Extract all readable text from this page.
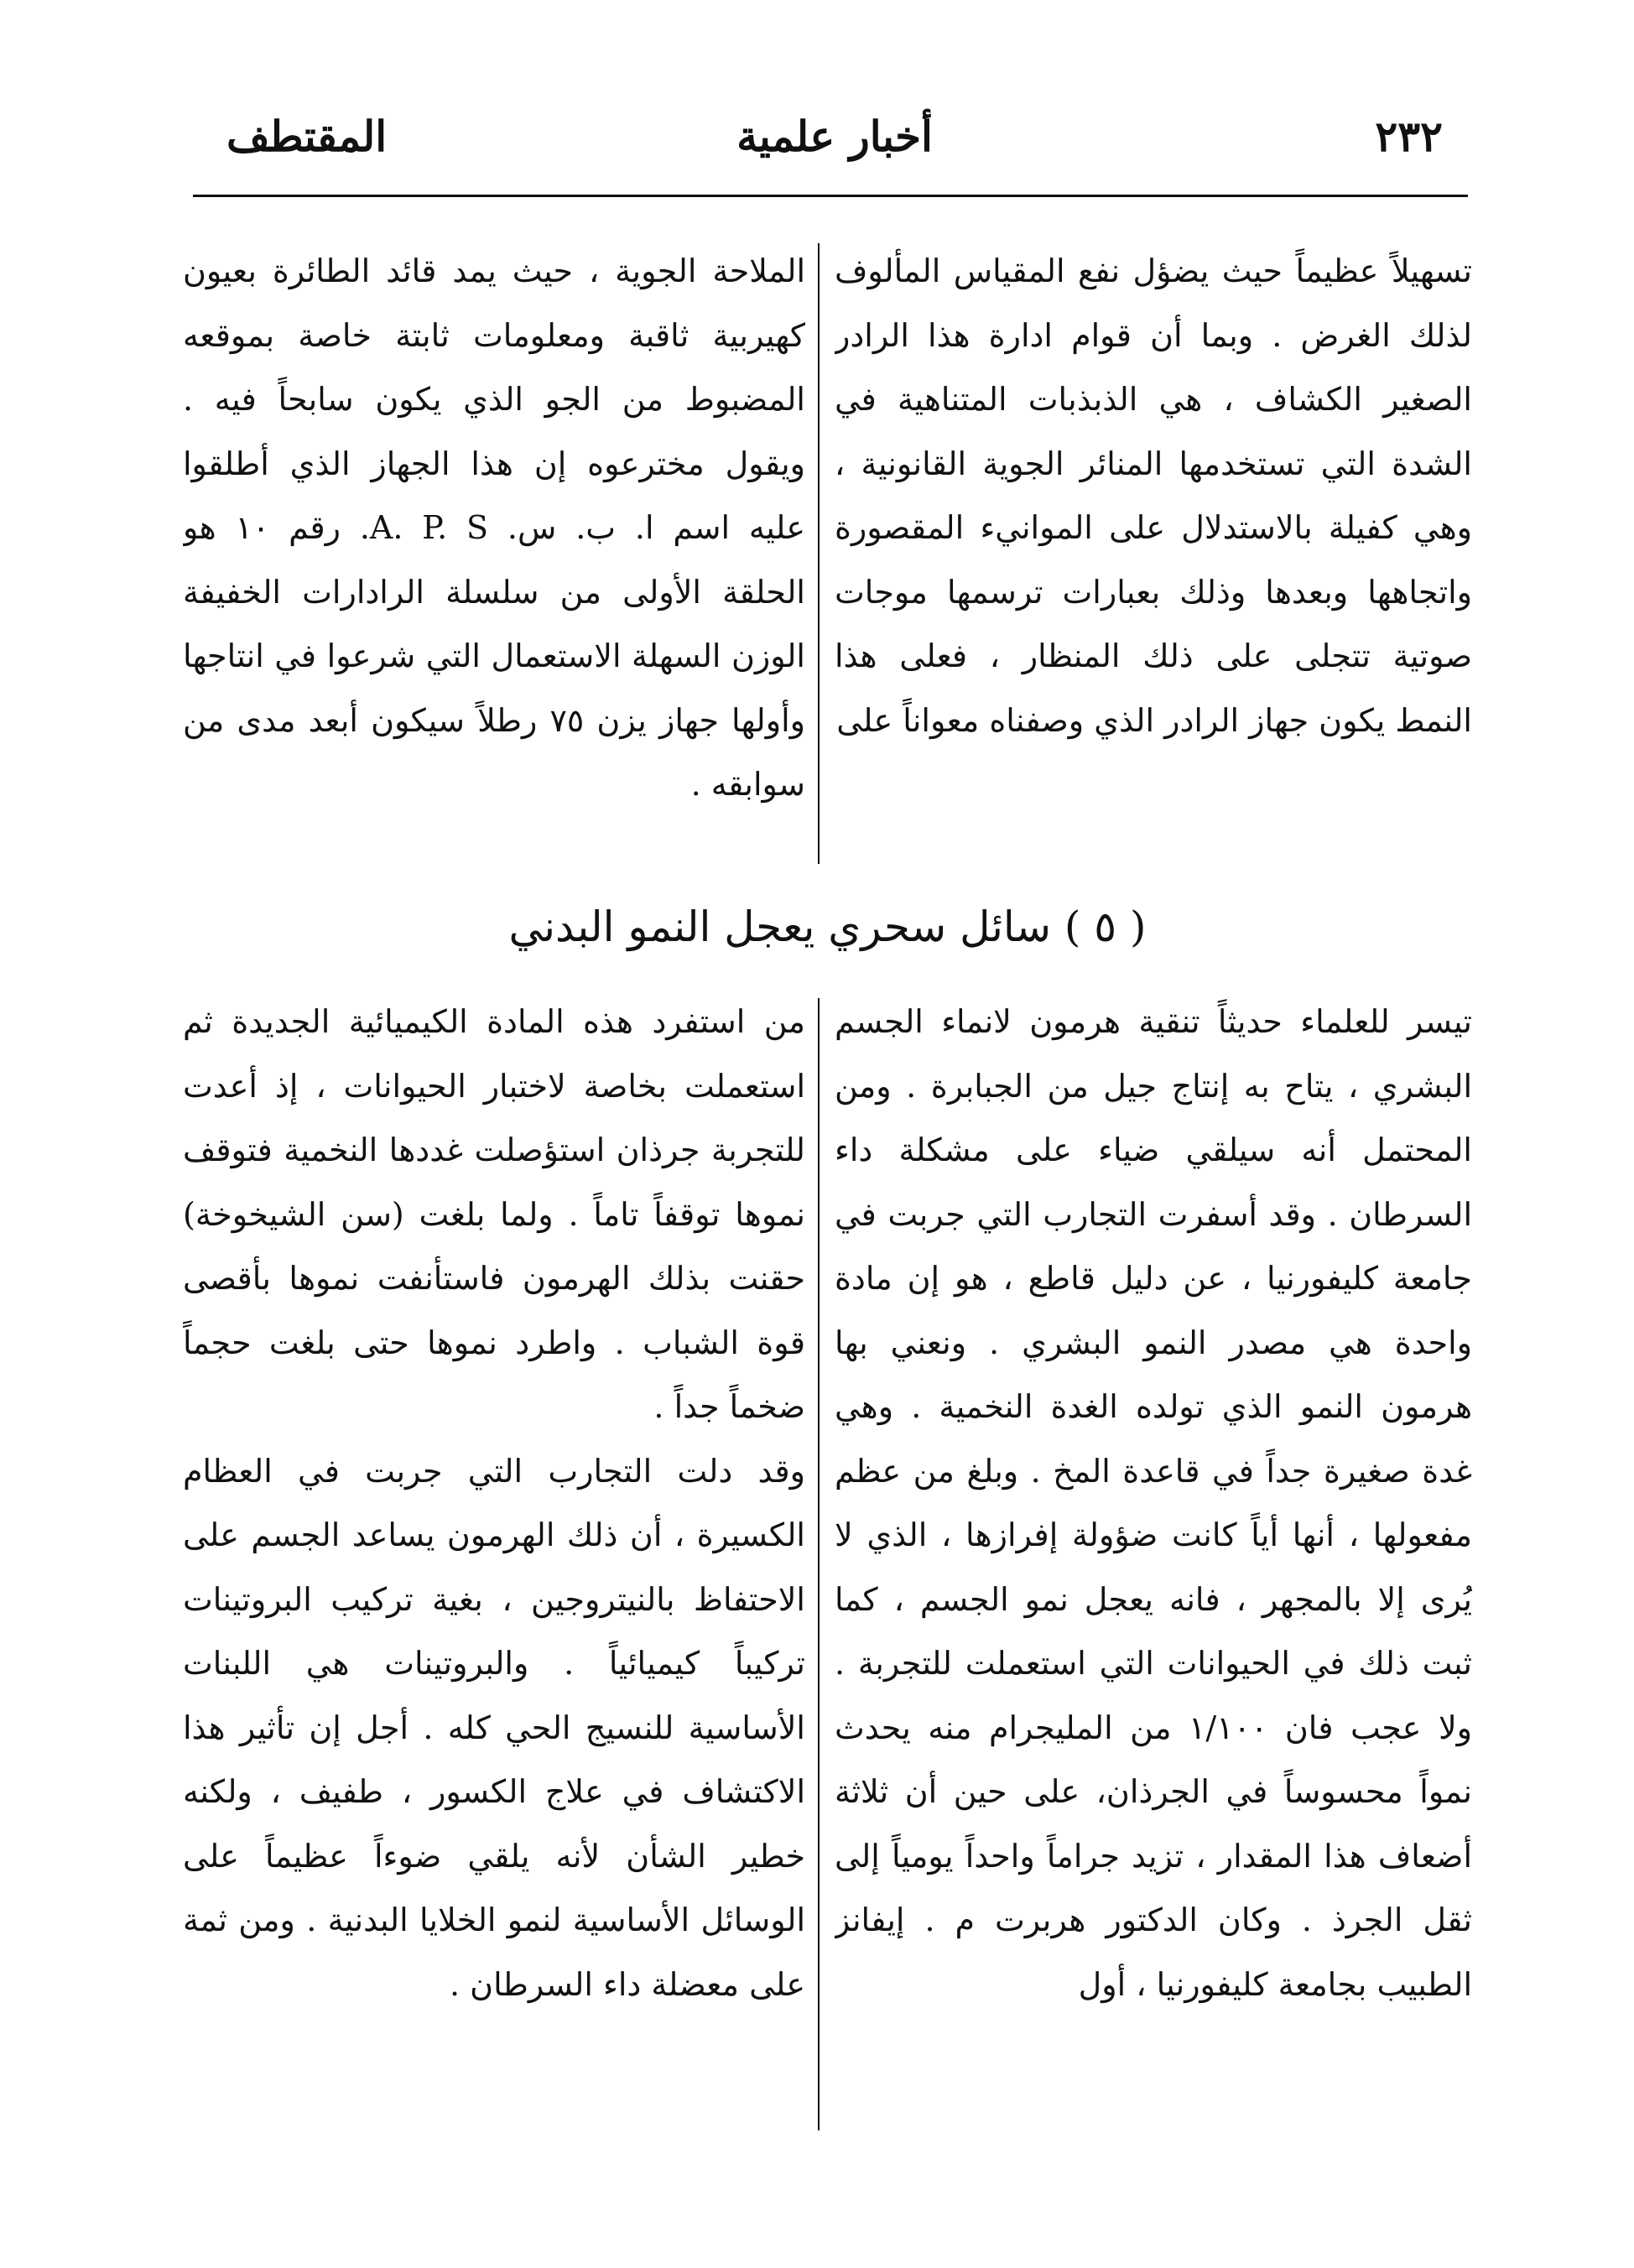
المقتطف	أخبار علمية	٢٣٢

تسهيلاً عظيماً حيث يضؤل نفع المقياس المألوف لذلك الغرض . وبما أن قوام ادارة هذا الرادر الصغير الكشاف ، هي الذبذبات المتناهية في الشدة التي تستخدمها المنائر الجوية القانونية ، وهي كفيلة بالاستدلال على الموانيء المقصورة واتجاهها وبعدها وذلك بعبارات ترسمها موجات صوتية تتجلى على ذلك المنظار ، فعلى هذا النمط يكون جهاز الرادر الذي وصفناه معواناً على

الملاحة الجوية ، حيث يمد قائد الطائرة بعيون كهيربية ثاقبة ومعلومات ثابتة خاصة بموقعه المضبوط من الجو الذي يكون سابحاً فيه . ويقول مخترعوه إن هذا الجهاز الذي أطلقوا عليه اسم ا. ب. س. A. P. S. رقم ١٠ هو الحلقة الأولى من سلسلة الرادارات الخفيفة الوزن السهلة الاستعمال التي شرعوا في انتاجها وأولها جهاز يزن ٧٥ رطلاً سيكون أبعد مدى من سوابقه .

( ٥ ) سائل سحري يعجل النمو البدني

تيسر للعلماء حديثاً تنقية هرمون لانماء الجسم البشري ، يتاح به إنتاج جيل من الجبابرة . ومن المحتمل أنه سيلقي ضياء على مشكلة داء السرطان . وقد أسفرت التجارب التي جربت في جامعة كليفورنيا ، عن دليل قاطع ، هو إن مادة واحدة هي مصدر النمو البشري . ونعني بها هرمون النمو الذي تولده الغدة النخمية . وهي غدة صغيرة جداً في قاعدة المخ . وبلغ من عظم مفعولها ، أنها أياً كانت ضؤولة إفرازها ، الذي لا يُرى إلا بالمجهر ، فانه يعجل نمو الجسم ، كما ثبت ذلك في الحيوانات التي استعملت للتجربة . ولا عجب فان ١/١٠٠ من المليجرام منه يحدث نمواً محسوساً في الجرذان، على حين أن ثلاثة أضعاف هذا المقدار ، تزيد جراماً واحداً يومياً إلى ثقل الجرذ . وكان الدكتور هربرت م . إيفانز الطبيب بجامعة كليفورنيا ، أول

من استفرد هذه المادة الكيميائية الجديدة ثم استعملت بخاصة لاختبار الحيوانات ، إذ أعدت للتجربة جرذان استؤصلت غددها النخمية فتوقف نموها توقفاً تاماً . ولما بلغت (سن الشيخوخة) حقنت بذلك الهرمون فاستأنفت نموها بأقصى قوة الشباب . واطرد نموها حتى بلغت حجماً ضخماً جداً .

وقد دلت التجارب التي جربت في العظام الكسيرة ، أن ذلك الهرمون يساعد الجسم على الاحتفاظ بالنيتروجين ، بغية تركيب البروتينات تركيباً كيميائياً . والبروتينات هي اللبنات الأساسية للنسيج الحي كله . أجل إن تأثير هذا الاكتشاف في علاج الكسور ، طفيف ، ولكنه خطير الشأن لأنه يلقي ضوءاً عظيماً على الوسائل الأساسية لنمو الخلايا البدنية . ومن ثمة على معضلة داء السرطان .
